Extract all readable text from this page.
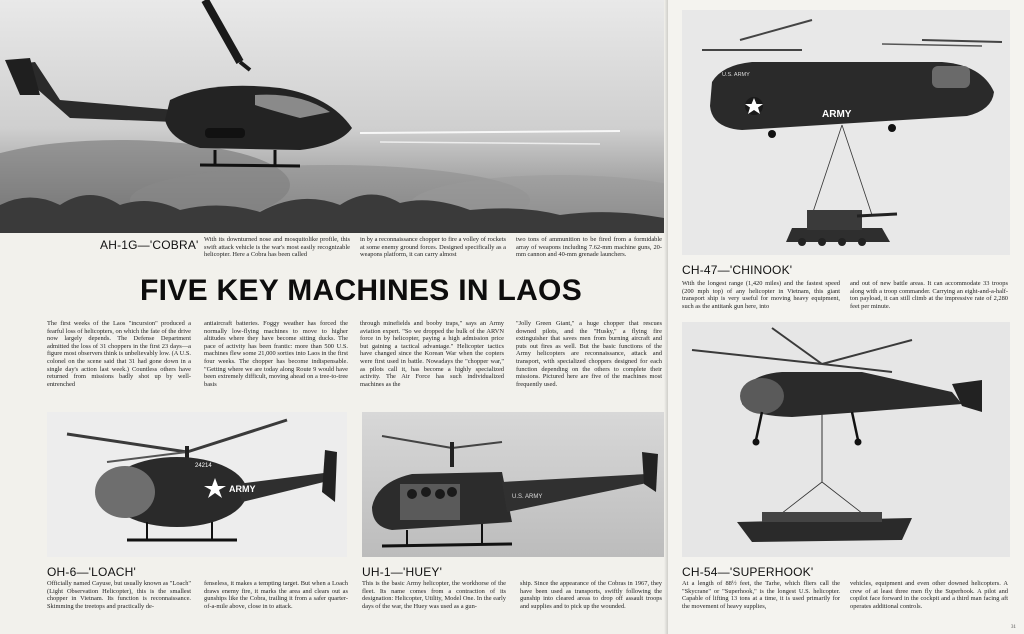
AH-1G—'COBRA' With its downturned nose and mosquitolike profile, this swift attack vehicle is the war's most easily recognizable helicopter. Here a Cobra has been called
in by a reconnaissance chopper to fire a volley of rockets at some enemy ground forces. Designed specifically as a weapons platform, it can carry almost
two tons of ammunition to be fired from a formidable array of weapons including 7.62-mm machine guns, 20-mm cannon and 40-mm grenade launchers.
FIVE KEY MACHINES IN LAOS
The first weeks of the Laos "incursion" produced a fearful loss of helicopters, on which the fate of the drive now largely depends. The Defense Department admitted the loss of 31 choppers in the first 23 days—a figure most observers think is unbelievably low. (A U.S. colonel on the scene said that 31 had gone down in a single day's action last week.) Countless others have returned from missions badly shot up by well-entrenched
antiaircraft batteries. Foggy weather has forced the normally low-flying machines to move to higher altitudes where they have become sitting ducks. The pace of activity has been frantic: more than 500 U.S. machines flew some 21,000 sorties into Laos in the first four weeks. The chopper has become indispensable. "Getting where we are today along Route 9 would have been extremely difficult, moving ahead on a tree-to-tree basis
through minefields and booby traps," says an Army aviation expert. "So we dropped the bulk of the ARVN force in by helicopter, paying a high admission price but gaining a tactical advantage." Helicopter tactics have changed since the Korean War when the copters were first used in battle. Nowadays the "chopper war," as pilots call it, has become a highly specialized activity. The Air Force has such individualized machines as the
"Jolly Green Giant," a huge chopper that rescues downed pilots, and the "Husky," a flying fire extinguisher that saves men from burning aircraft and puts out fires as well. But the basic functions of the Army helicopters are reconnaissance, attack and transport, with specialized choppers designed for each function depending on the others to complete their missions. Pictured here are five of the machines most frequently used.
ARMY
24214
U.S. ARMY
OH-6—'LOACH'
Officially named Cayuse, but usually known as "Loach" (Light Observation Helicopter), this is the smallest chopper in Vietnam. Its function is reconnaissance. Skimming the treetops and practically de-
fenseless, it makes a tempting target. But when a Loach draws enemy fire, it marks the area and clears out as gunships like the Cobra, trailing it from a safer quarter-of-a-mile above, close in to attack.
UH-1—'HUEY'
This is the basic Army helicopter, the workhorse of the fleet. Its name comes from a contraction of its designation: Helicopter, Utility, Model One. In the early days of the war, the Huey was used as a gun-
ship. Since the appearance of the Cobras in 1967, they have been used as transports, swiftly following the gunship into cleared areas to drop off assault troops and supplies and to pick up the wounded.
ARMY
U.S. ARMY
CH-47—'CHINOOK'
With the longest range (1,420 miles) and the fastest speed (200 mph top) of any helicopter in Vietnam, this giant transport ship is very useful for moving heavy equipment, such as the antitank gun here, into
and out of new battle areas. It can accommodate 33 troops along with a troop commander. Carrying an eight-and-a-half-ton payload, it can still climb at the impressive rate of 2,280 feet per minute.
CH-54—'SUPERHOOK'
At a length of 88½ feet, the Tarhe, which fliers call the "Skycrane" or "Superhook," is the longest U.S. helicopter. Capable of lifting 13 tons at a time, it is used primarily for the movement of heavy supplies,
vehicles, equipment and even other downed helicopters. A crew of at least three men fly the Superhook. A pilot and copilot face forward in the cockpit and a third man facing aft operates additional controls.
31
